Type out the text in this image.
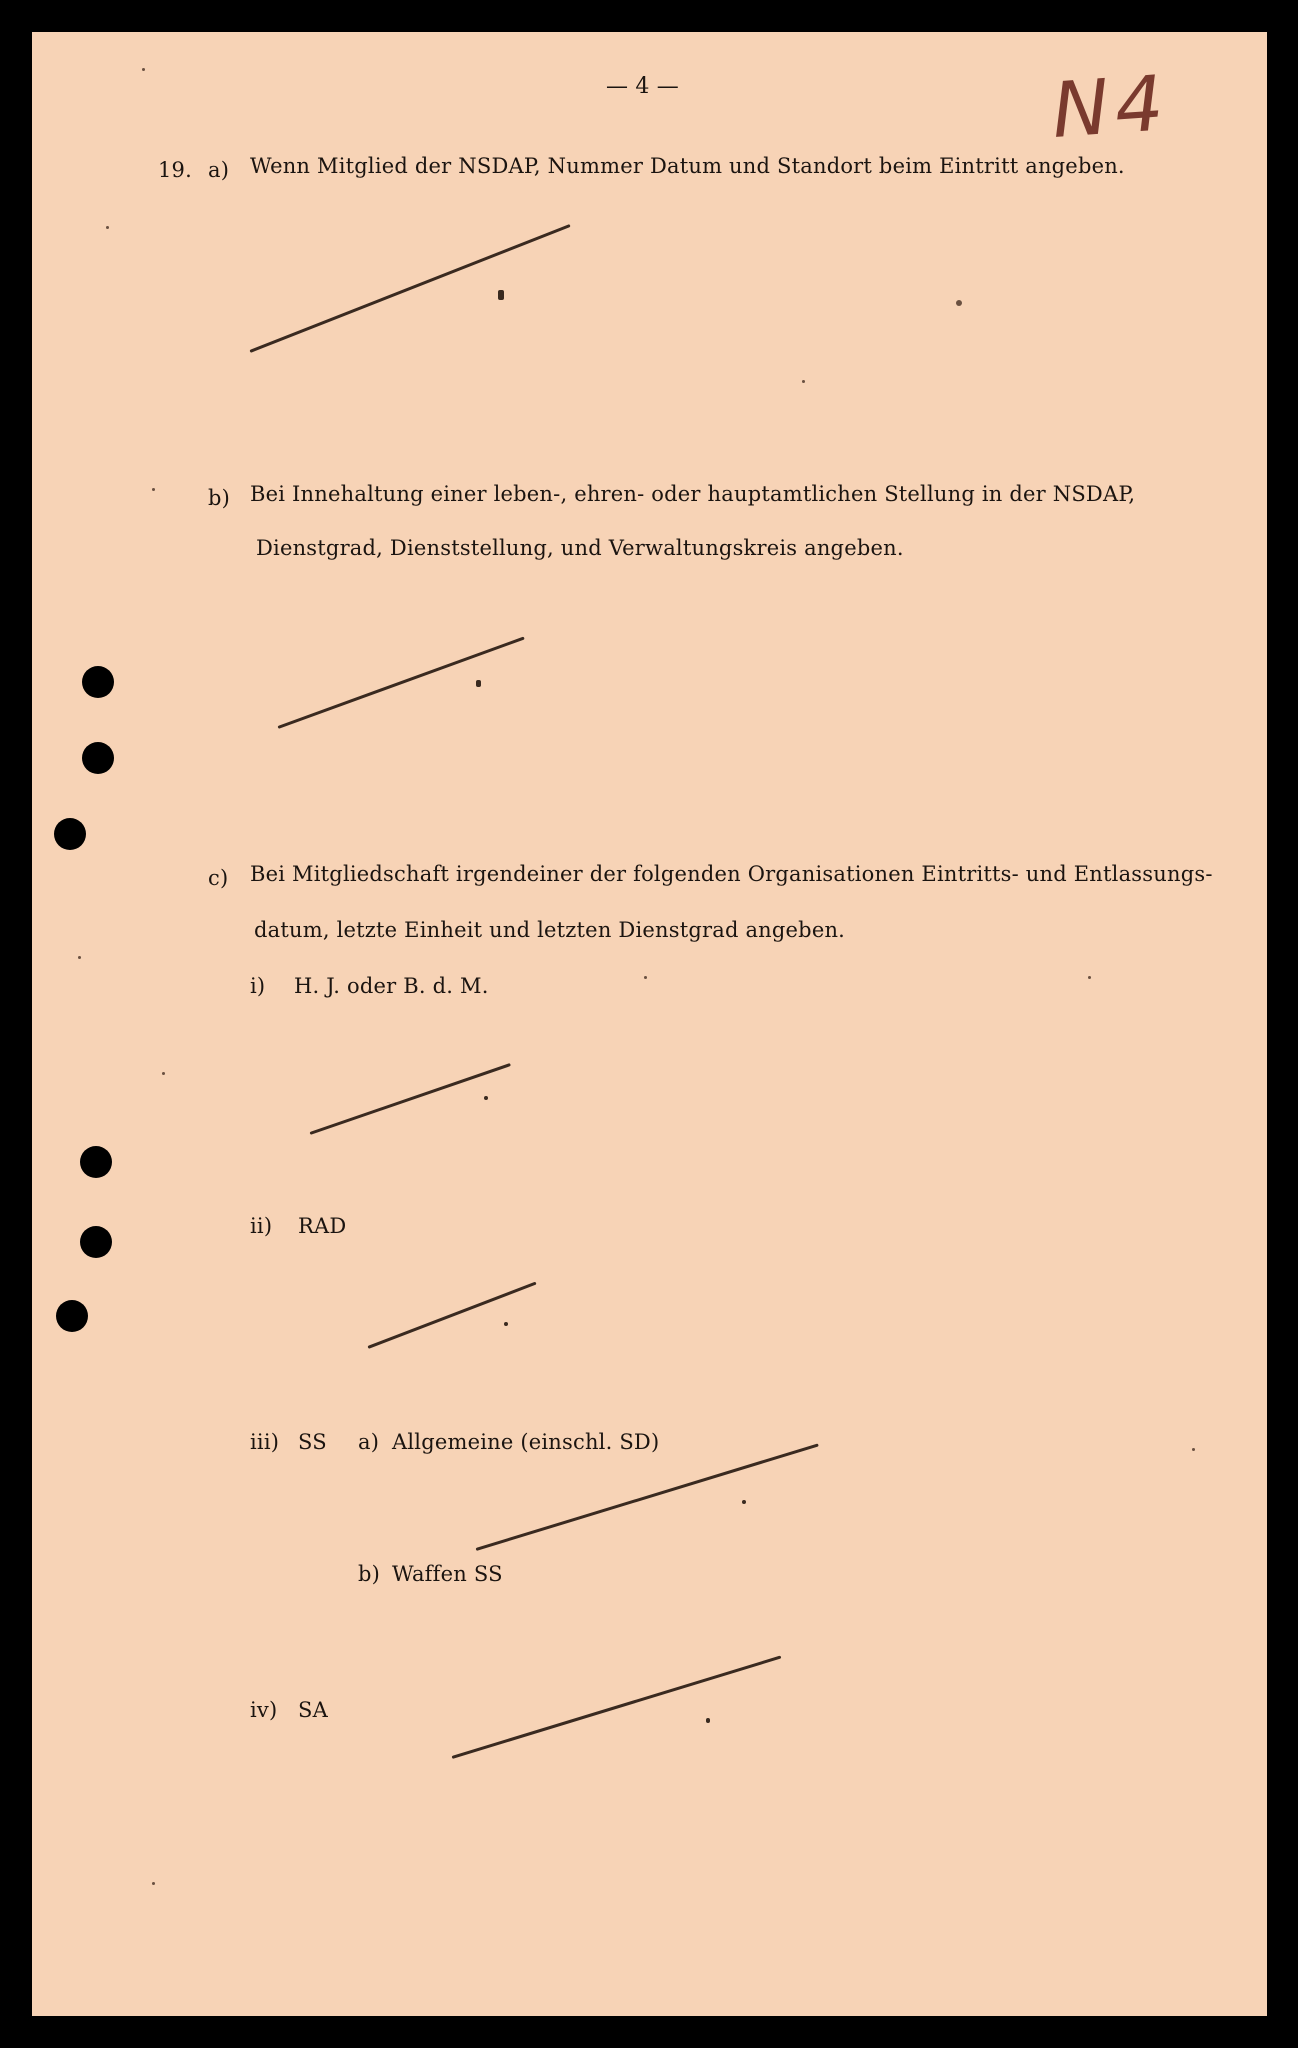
— 4 —	N4
19. a) Wenn Mitglied der NSDAP, Nummer Datum und Standort beim Eintritt angeben.
b) Bei Innehaltung einer leben-, ehren- oder hauptamtlichen Stellung in der NSDAP,
Dienstgrad, Dienststellung, und Verwaltungskreis angeben.
c) Bei Mitgliedschaft irgendeiner der folgenden Organisationen Eintritts- und Entlassungs-
datum, letzte Einheit und letzten Dienstgrad angeben.
i) H. J. oder B. d. M.
ii) RAD
iii) SS a) Allgemeine (einschl. SD)
b) Waffen SS
iv) SA
